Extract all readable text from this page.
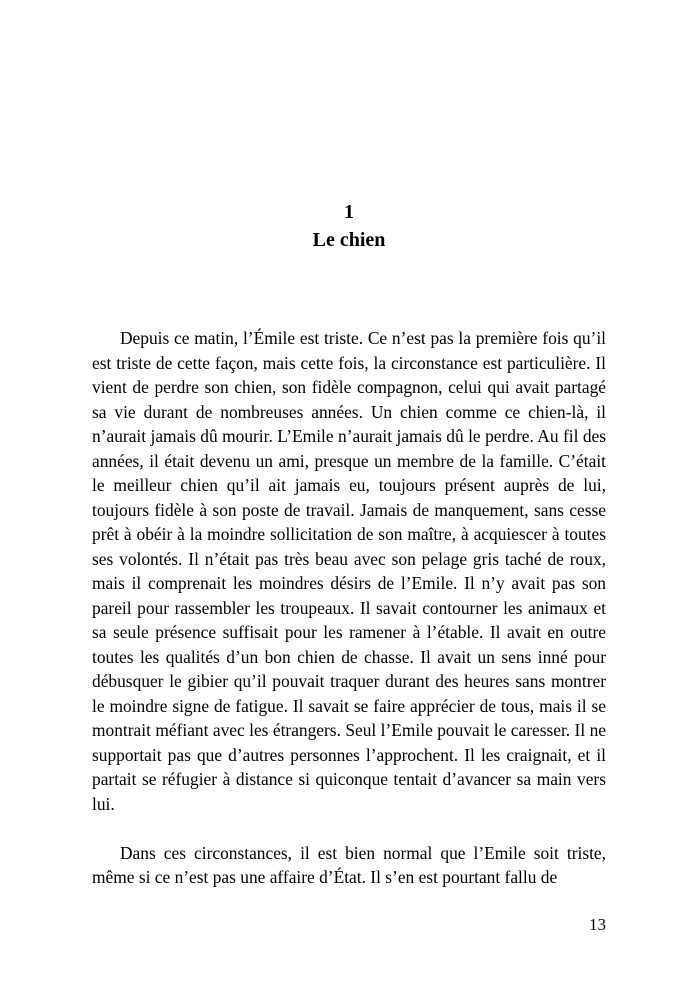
1
Le chien

Depuis ce matin, l’Émile est triste. Ce n’est pas la première fois qu’il est triste de cette façon, mais cette fois, la circonstance est particulière. Il vient de perdre son chien, son fidèle compagnon, celui qui avait partagé sa vie durant de nombreuses années. Un chien comme ce chien-là, il n’aurait jamais dû mourir. L’Emile n’aurait jamais dû le perdre. Au fil des années, il était devenu un ami, presque un membre de la famille. C’était le meilleur chien qu’il ait jamais eu, toujours présent auprès de lui, toujours fidèle à son poste de travail. Jamais de manquement, sans cesse prêt à obéir à la moindre sollicitation de son maître, à acquiescer à toutes ses volontés. Il n’était pas très beau avec son pelage gris taché de roux, mais il comprenait les moindres désirs de l’Emile. Il n’y avait pas son pareil pour rassembler les troupeaux. Il savait contourner les animaux et sa seule présence suffisait pour les ramener à l’étable. Il avait en outre toutes les qualités d’un bon chien de chasse. Il avait un sens inné pour débusquer le gibier qu’il pouvait traquer durant des heures sans montrer le moindre signe de fatigue. Il savait se faire apprécier de tous, mais il se montrait méfiant avec les étrangers. Seul l’Emile pouvait le caresser. Il ne supportait pas que d’autres personnes l’approchent. Il les craignait, et il partait se réfugier à distance si quiconque tentait d’avancer sa main vers lui.

Dans ces circonstances, il est bien normal que l’Emile soit triste, même si ce n’est pas une affaire d’État. Il s’en est pourtant fallu de

13
